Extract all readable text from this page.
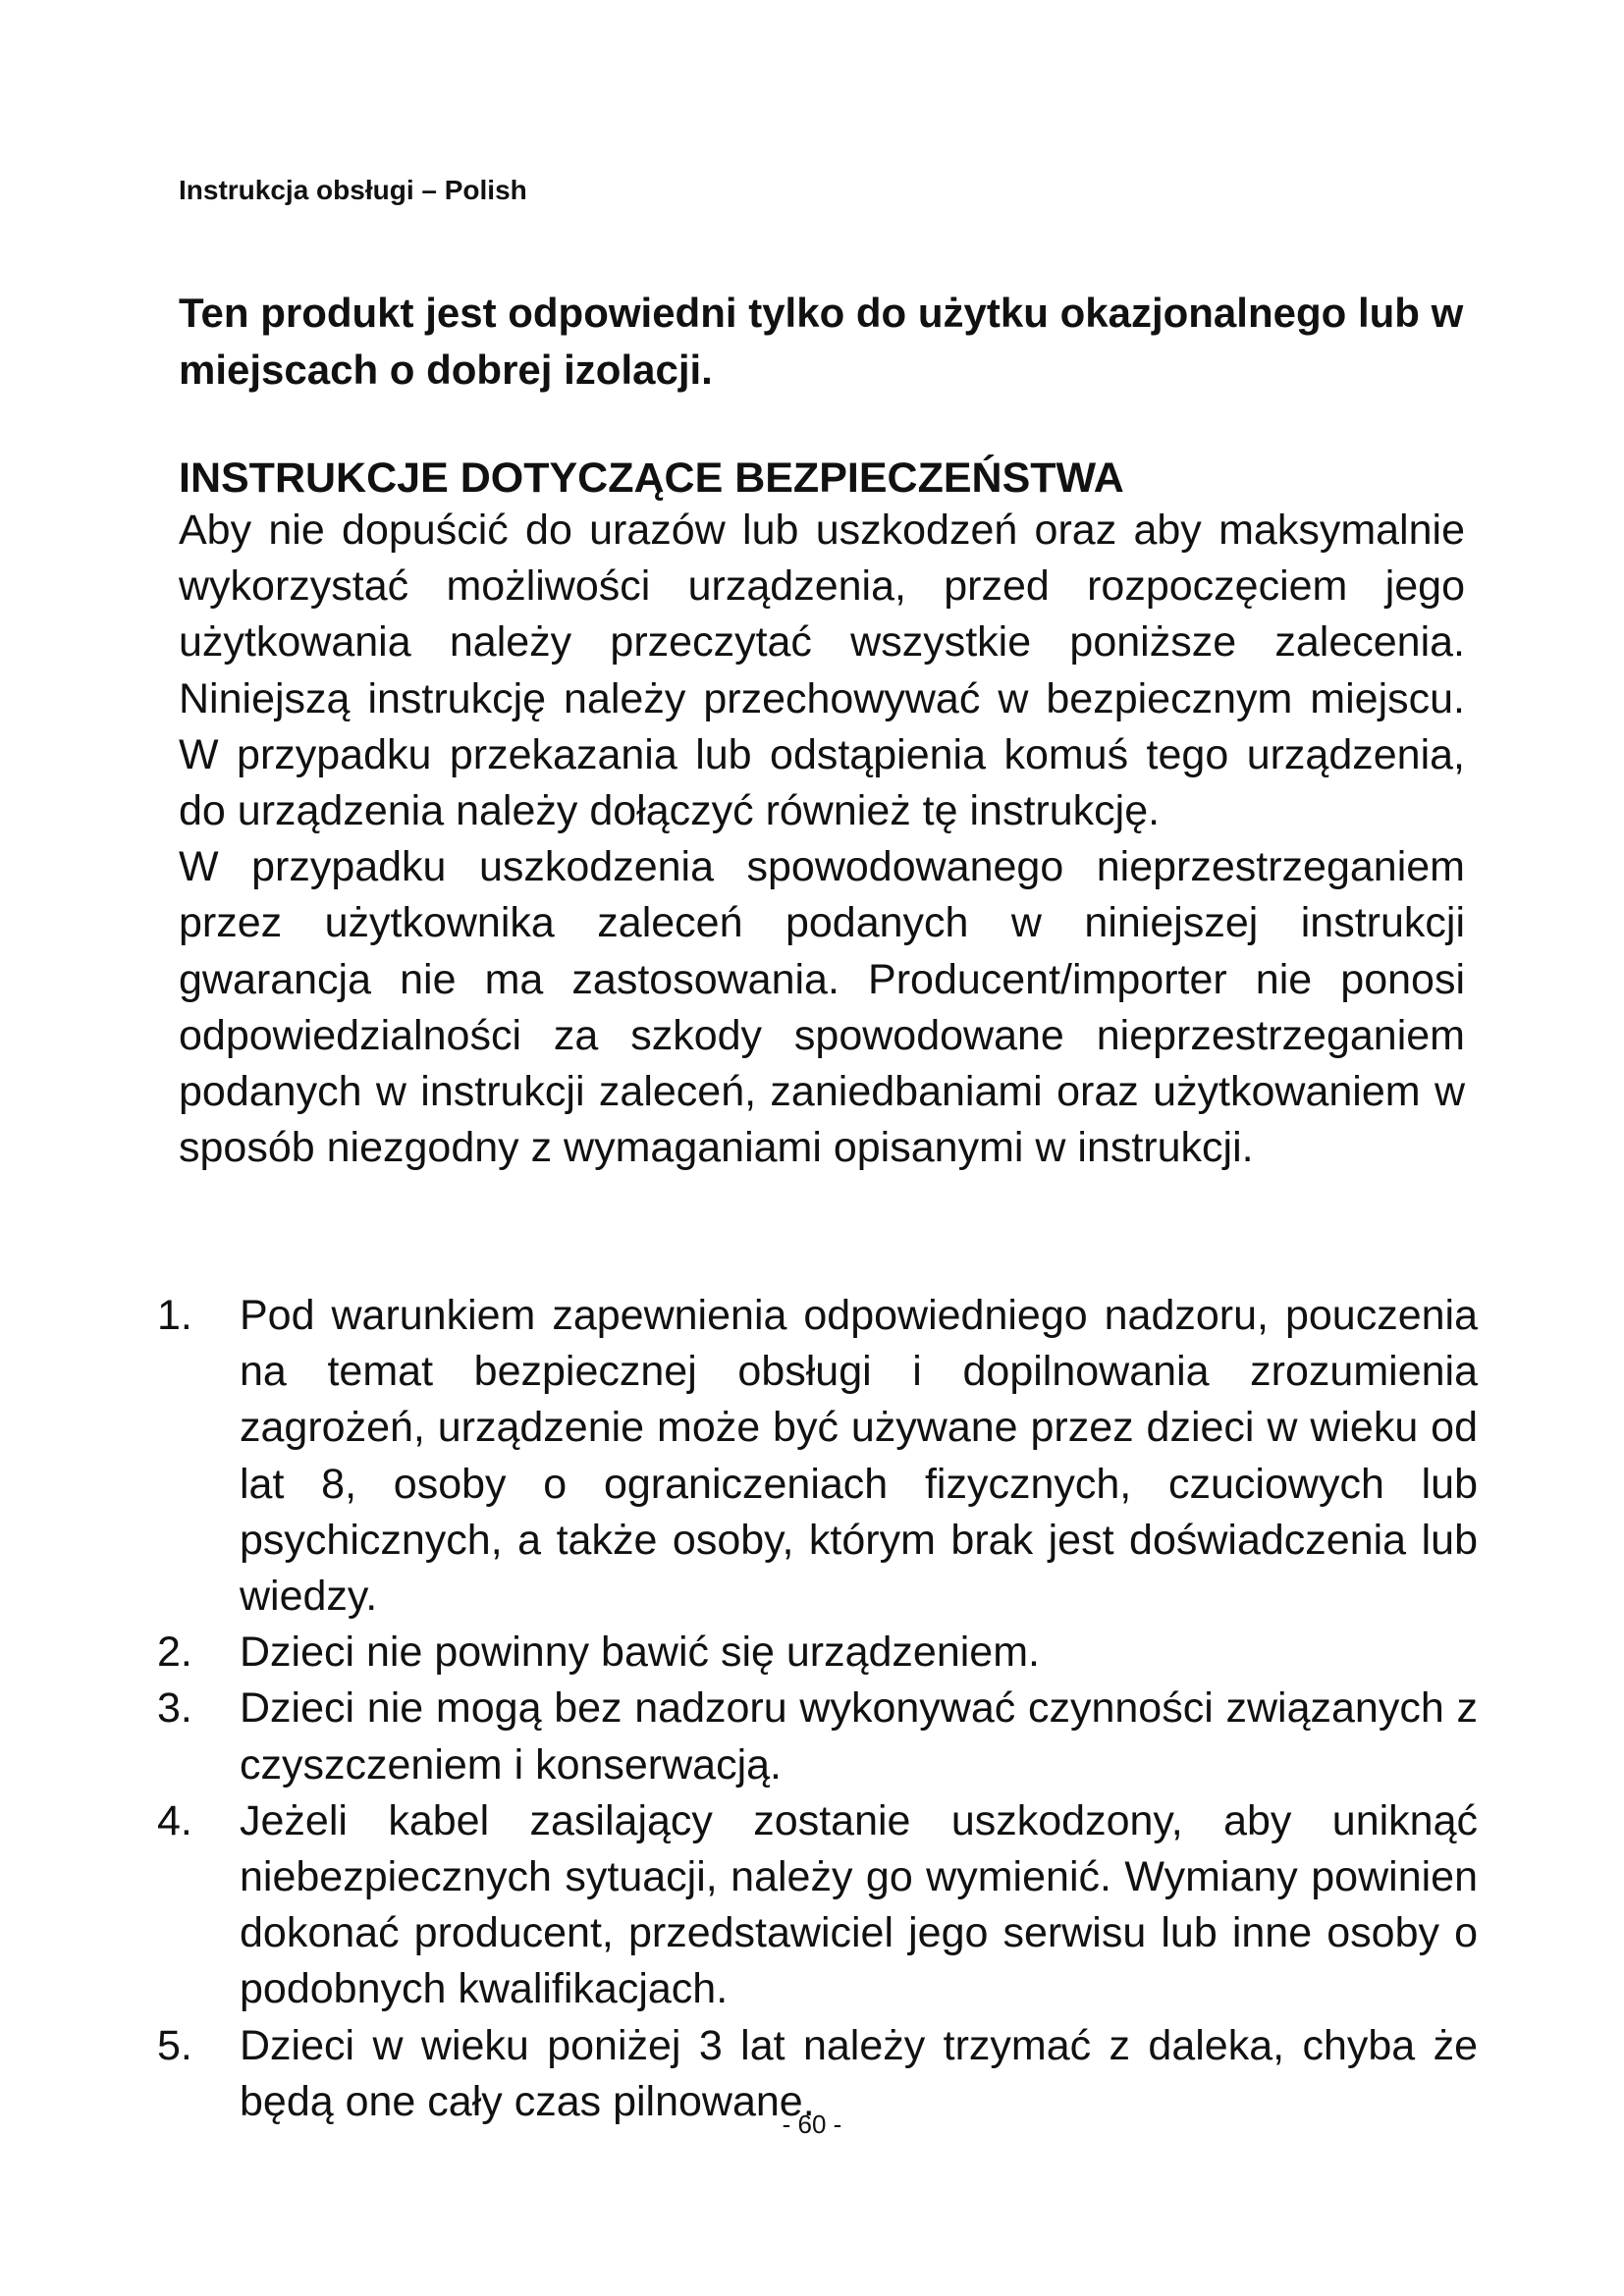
Instrukcja obsługi – Polish
Ten produkt jest odpowiedni tylko do użytku okazjonalnego lub w miejscach o dobrej izolacji.
INSTRUKCJE DOTYCZĄCE BEZPIECZEŃSTWA

Aby nie dopuścić do urazów lub uszkodzeń oraz aby maksymalnie wykorzystać możliwości urządzenia, przed rozpoczęciem jego użytkowania należy przeczytać wszystkie poniższe zalecenia. Niniejszą instrukcję należy przechowywać w bezpiecznym miejscu. W przypadku przekazania lub odstąpienia komuś tego urządzenia, do urządzenia należy dołączyć również tę instrukcję.

W przypadku uszkodzenia spowodowanego nieprzestrzeganiem przez użytkownika zaleceń podanych w niniejszej instrukcji gwarancja nie ma zastosowania. Producent/importer nie ponosi odpowiedzialności za szkody spowodowane nieprzestrzeganiem podanych w instrukcji zaleceń, zaniedbaniami oraz użytkowaniem w sposób niezgodny z wymaganiami opisanymi w instrukcji.

1. Pod warunkiem zapewnienia odpowiedniego nadzoru, pouczenia na temat bezpiecznej obsługi i dopilnowania zrozumienia zagrożeń, urządzenie może być używane przez dzieci w wieku od lat 8, osoby o ograniczeniach fizycznych, czuciowych lub psychicznych, a także osoby, którym brak jest doświadczenia lub wiedzy.
2. Dzieci nie powinny bawić się urządzeniem.
3. Dzieci nie mogą bez nadzoru wykonywać czynności związanych z czyszczeniem i konserwacją.
4. Jeżeli kabel zasilający zostanie uszkodzony, aby uniknąć niebezpiecznych sytuacji, należy go wymienić. Wymiany powinien dokonać producent, przedstawiciel jego serwisu lub inne osoby o podobnych kwalifikacjach.
5. Dzieci w wieku poniżej 3 lat należy trzymać z daleka, chyba że będą one cały czas pilnowane.
- 60 -
